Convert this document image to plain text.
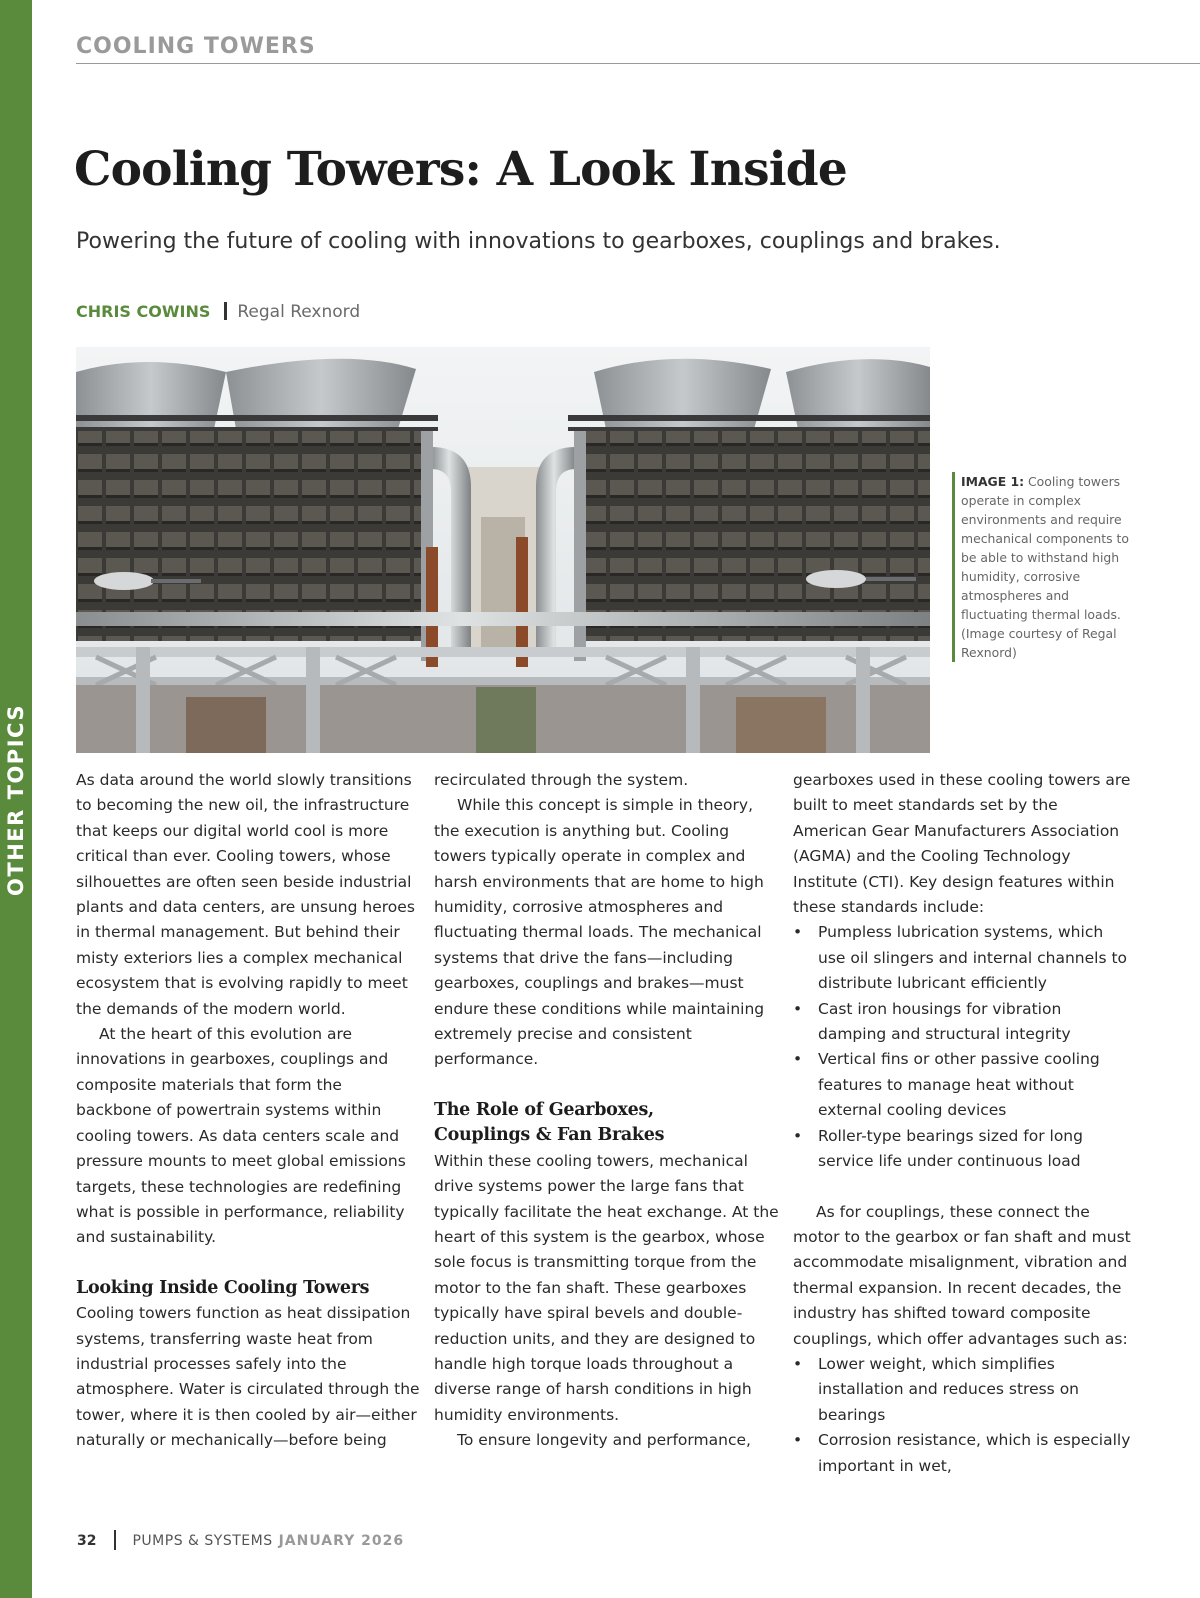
OTHER TOPICS
COOLING TOWERS
Cooling Towers: A Look Inside
Powering the future of cooling with innovations to gearboxes, couplings and brakes.
CHRIS COWINS Regal Rexnord
IMAGE 1: Cooling towers operate in complex environments and require mechanical components to be able to withstand high humidity, corrosive atmospheres and fluctuating thermal loads. (Image courtesy of Regal Rexnord)

As data around the world slowly transitions to becoming the new oil, the infrastructure that keeps our digital world cool is more critical than ever. Cooling towers, whose silhouettes are often seen beside industrial plants and data centers, are unsung heroes in thermal management. But behind their misty exteriors lies a complex mechanical ecosystem that is evolving rapidly to meet the demands of the modern world.

At the heart of this evolution are innovations in gearboxes, couplings and composite materials that form the backbone of powertrain systems within cooling towers. As data centers scale and pressure mounts to meet global emissions targets, these technologies are redefining what is possible in performance, reliability and sustainability.

Looking Inside Cooling Towers

Cooling towers function as heat dissipation systems, transferring waste heat from industrial processes safely into the atmosphere. Water is circulated through the tower, where it is then cooled by air—either naturally or mechanically—before being

recirculated through the system.

While this concept is simple in theory, the execution is anything but. Cooling towers typically operate in complex and harsh environments that are home to high humidity, corrosive atmospheres and fluctuating thermal loads. The mechanical systems that drive the fans—including gearboxes, couplings and brakes—must endure these conditions while maintaining extremely precise and consistent performance.

The Role of Gearboxes,
Couplings & Fan Brakes

Within these cooling towers, mechanical drive systems power the large fans that typically facilitate the heat exchange. At the heart of this system is the gearbox, whose sole focus is transmitting torque from the motor to the fan shaft. These gearboxes typically have spiral bevels and double-reduction units, and they are designed to handle high torque loads throughout a diverse range of harsh conditions in high humidity environments.

To ensure longevity and performance,

gearboxes used in these cooling towers are built to meet standards set by the American Gear Manufacturers Association (AGMA) and the Cooling Technology Institute (CTI). Key design features within these standards include:

• Pumpless lubrication systems, which use oil slingers and internal channels to distribute lubricant efficiently
• Cast iron housings for vibration damping and structural integrity
• Vertical fins or other passive cooling features to manage heat without external cooling devices
• Roller-type bearings sized for long service life under continuous load

As for couplings, these connect the motor to the gearbox or fan shaft and must accommodate misalignment, vibration and thermal expansion. In recent decades, the industry has shifted toward composite couplings, which offer advantages such as:

• Lower weight, which simplifies installation and reduces stress on bearings
• Corrosion resistance, which is especially important in wet,
32	PUMPS & SYSTEMS JANUARY 2026
